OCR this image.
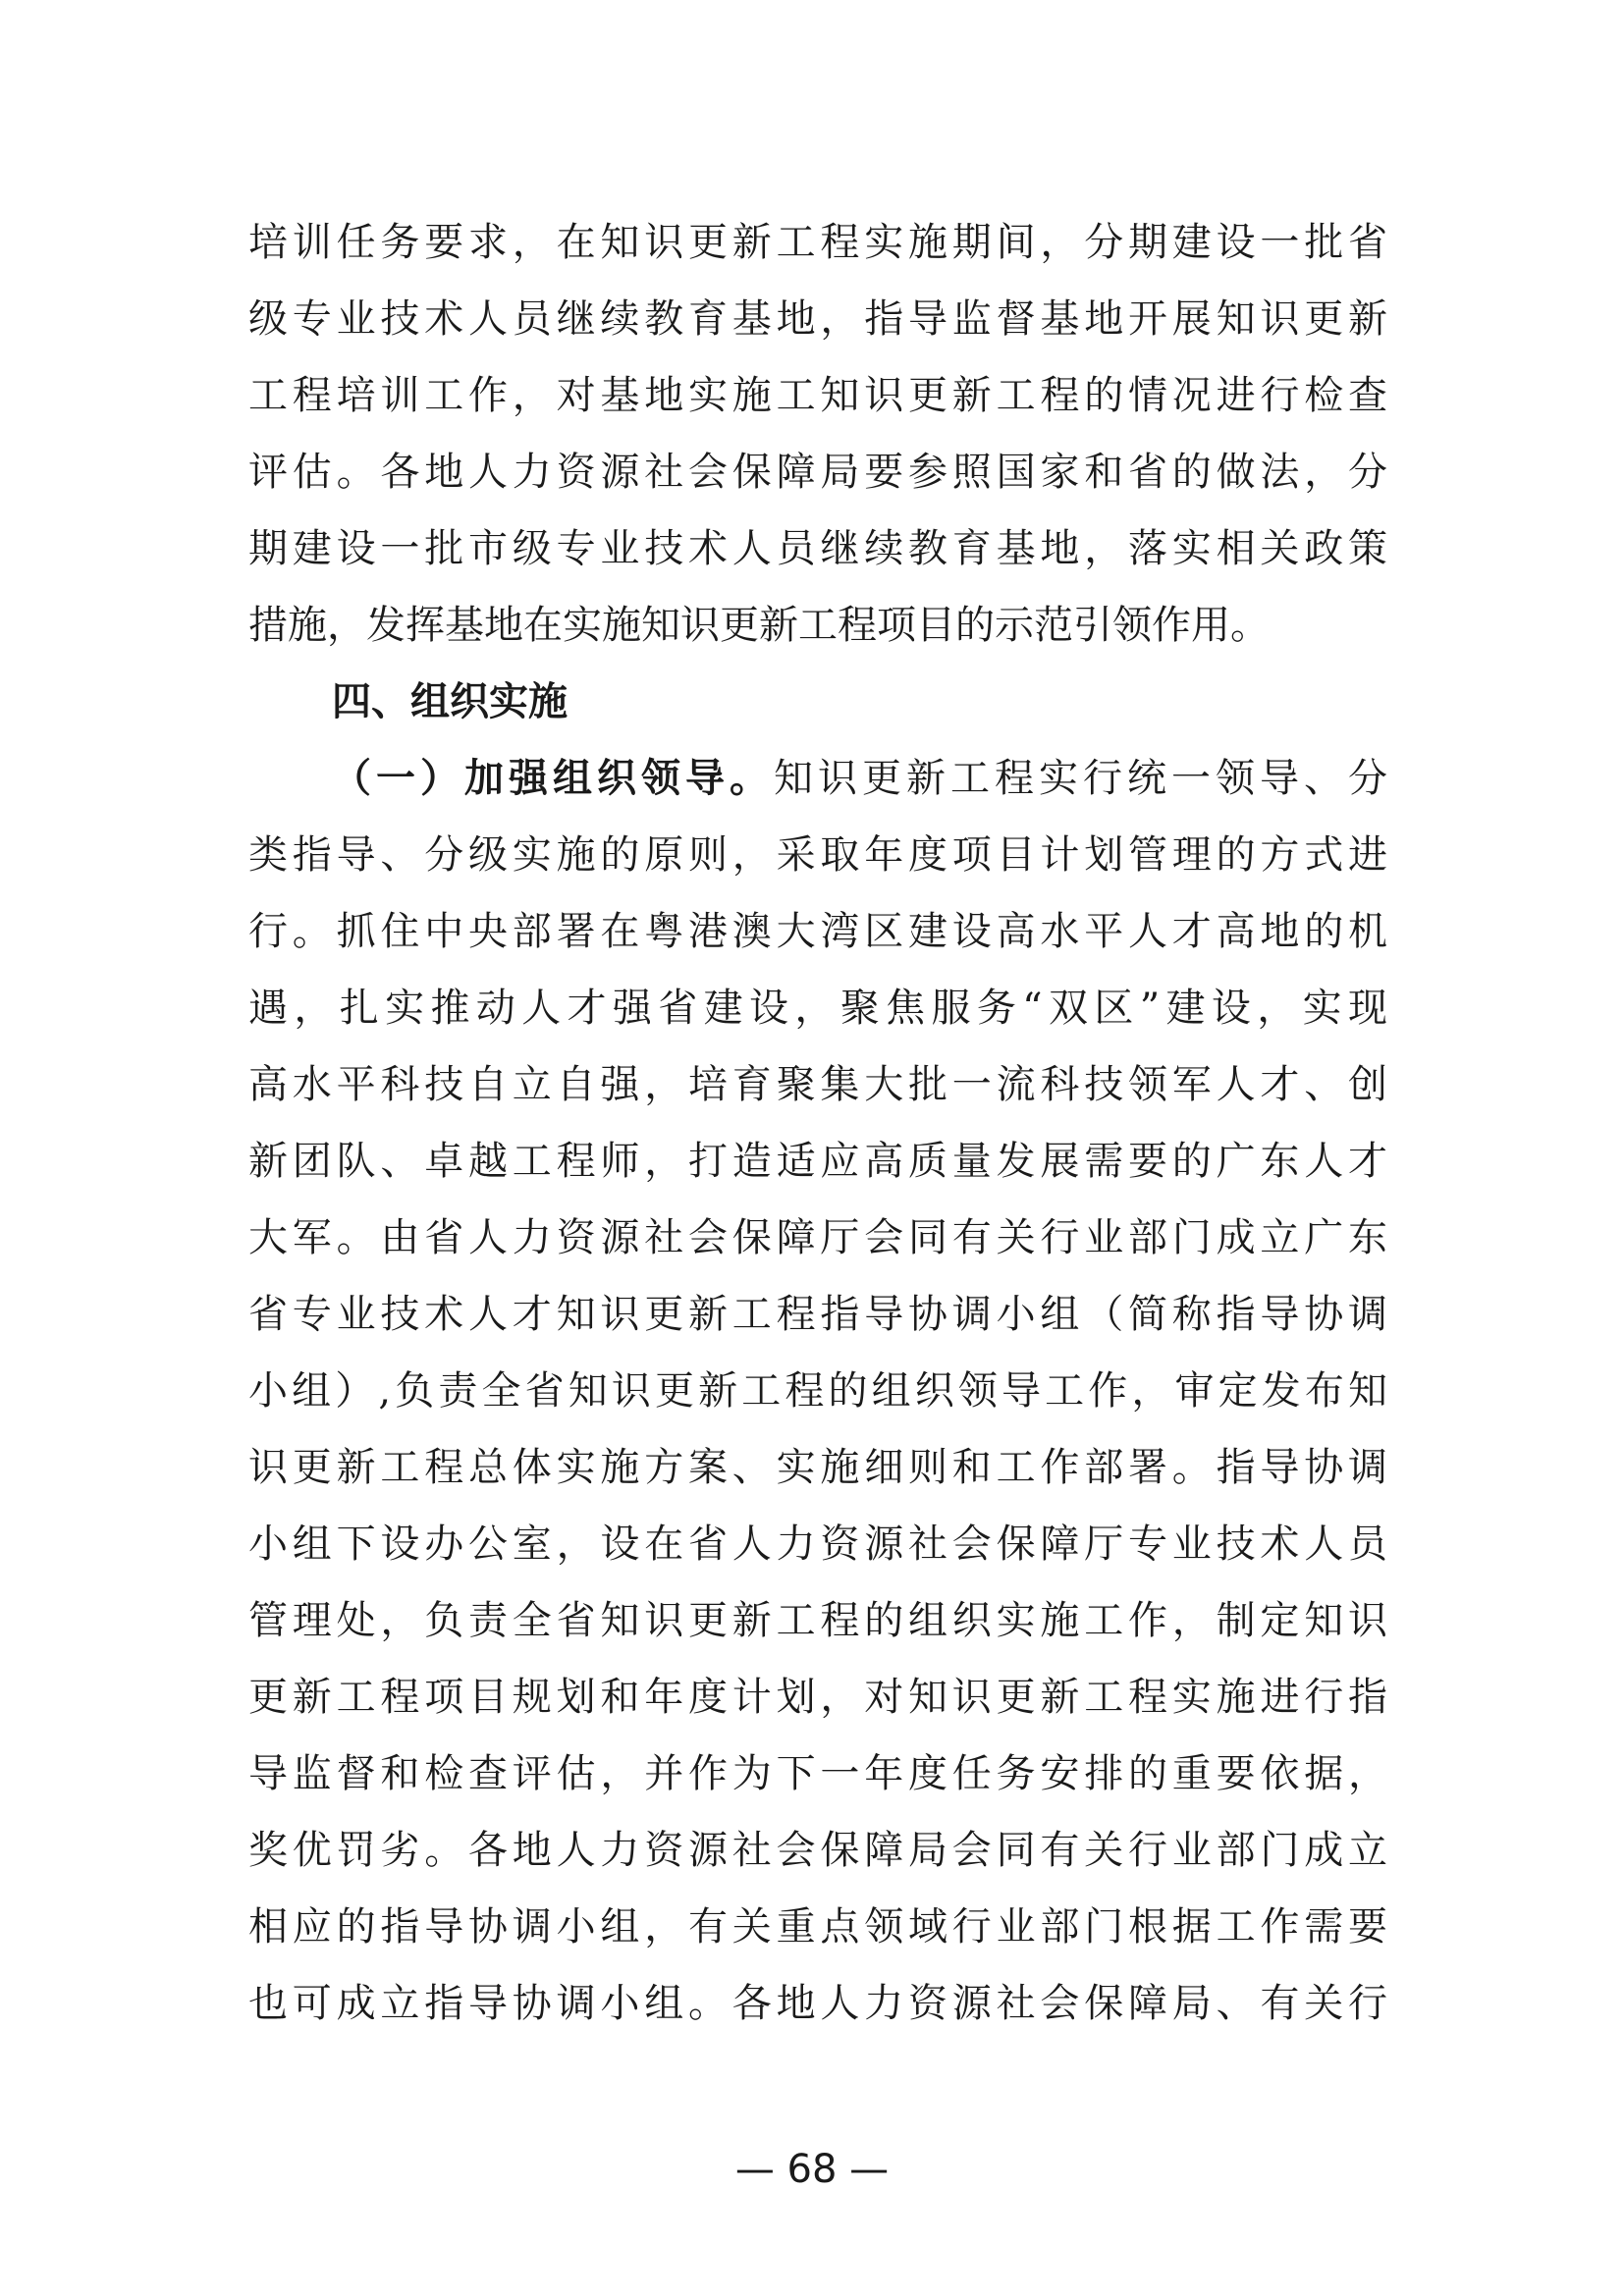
培训任务要求，在知识更新工程实施期间，分期建设一批省
级专业技术人员继续教育基地，指导监督基地开展知识更新
工程培训工作，对基地实施工知识更新工程的情况进行检查
评估。各地人力资源社会保障局要参照国家和省的做法，分
期建设一批市级专业技术人员继续教育基地，落实相关政策
措施，发挥基地在实施知识更新工程项目的示范引领作用。
四、组织实施
（一）加强组织领导。知识更新工程实行统一领导、分
类指导、分级实施的原则，采取年度项目计划管理的方式进
行。抓住中央部署在粤港澳大湾区建设高水平人才高地的机
遇，扎实推动人才强省建设，聚焦服务“双区”建设，实现
高水平科技自立自强，培育聚集大批一流科技领军人才、创
新团队、卓越工程师，打造适应高质量发展需要的广东人才
大军。由省人力资源社会保障厅会同有关行业部门成立广东
省专业技术人才知识更新工程指导协调小组（简称指导协调
小组）,负责全省知识更新工程的组织领导工作，审定发布知
识更新工程总体实施方案、实施细则和工作部署。指导协调
小组下设办公室，设在省人力资源社会保障厅专业技术人员
管理处，负责全省知识更新工程的组织实施工作，制定知识
更新工程项目规划和年度计划，对知识更新工程实施进行指
导监督和检查评估，并作为下一年度任务安排的重要依据，
奖优罚劣。各地人力资源社会保障局会同有关行业部门成立
相应的指导协调小组，有关重点领域行业部门根据工作需要
也可成立指导协调小组。各地人力资源社会保障局、有关行
— 68 —
